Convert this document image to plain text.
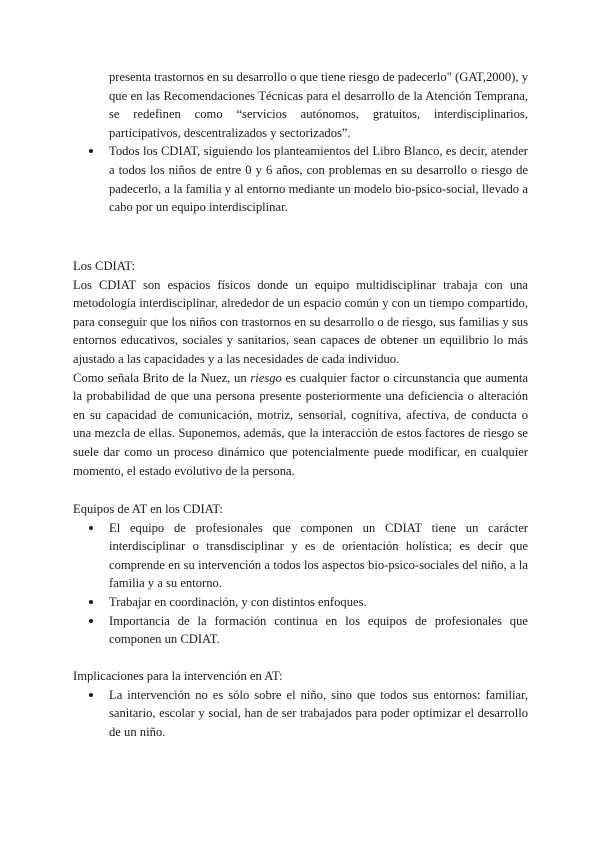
presenta trastornos en su desarrollo o que tiene riesgo de padecerlo" (GAT,2000), y que en las Recomendaciones Técnicas para el desarrollo de la Atención Temprana, se redefinen como “servicios autónomos, gratuitos, interdisciplinarios, participativos, descentralizados y sectorizados”.

Todos los CDIAT, siguiendo los planteamientos del Libro Blanco, es decir, atender a todos los niños de entre 0 y 6 años, con problemas en su desarrollo o riesgo de padecerlo, a la familia y al entorno mediante un modelo bio-psico-social, llevado a cabo por un equipo interdisciplinar.

Los CDIAT:

Los CDIAT son espacios físicos donde un equipo multidisciplinar trabaja con una metodología interdisciplinar, alrededor de un espacio común y con un tiempo compartido, para conseguir que los niños con trastornos en su desarrollo o de riesgo, sus familias y sus entornos educativos, sociales y sanitarios, sean capaces de obtener un equilibrio lo más ajustado a las capacidades y a las necesidades de cada individuo.

Como señala Brito de la Nuez, un riesgo es cualquier factor o circunstancia que aumenta la probabilidad de que una persona presente posteriormente una deficiencia o alteración en su capacidad de comunicación, motriz, sensorial, cognitiva, afectiva, de conducta o una mezcla de ellas. Suponemos, además, que la interacción de estos factores de riesgo se suele dar como un proceso dinámico que potencialmente puede modificar, en cualquier momento, el estado evolutivo de la persona.

Equipos de AT en los CDIAT:

El equipo de profesionales que componen un CDIAT tiene un carácter interdisciplinar o transdisciplinar y es de orientación holística; es decir que comprende en su intervención a todos los aspectos bio-psico-sociales del niño, a la familia y a su entorno.

Trabajar en coordinación, y con distintos enfoques.

Importancia de la formación continua en los equipos de profesionales que componen un CDIAT.

Implicaciones para la intervención en AT:

La intervención no es sólo sobre el niño, sino que todos sus entornos: familiar, sanitario, escolar y social, han de ser trabajados para poder optimizar el desarrollo de un niño.
